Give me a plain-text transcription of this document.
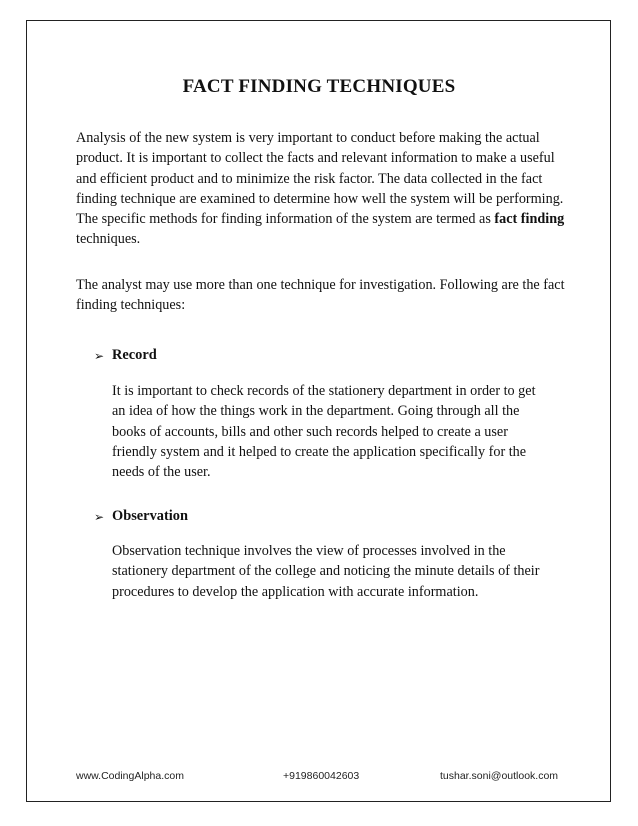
FACT FINDING TECHNIQUES
Analysis of the new system is very important to conduct before making the actual product. It is important to collect the facts and relevant information to make a useful and efficient product and to minimize the risk factor. The data collected in the fact finding technique are examined to determine how well the system will be performing. The specific methods for finding information of the system are termed as fact finding techniques.
The analyst may use more than one technique for investigation. Following are the fact finding techniques:
➢ Record
It is important to check records of the stationery department in order to get an idea of how the things work in the department. Going through all the books of accounts, bills and other such records helped to create a user friendly system and it helped to create the application specifically for the needs of the user.
➢ Observation
Observation technique involves the view of processes involved in the stationery department of the college and noticing the minute details of their procedures to develop the application with accurate information.
www.CodingAlpha.com	+919860042603	tushar.soni@outlook.com
